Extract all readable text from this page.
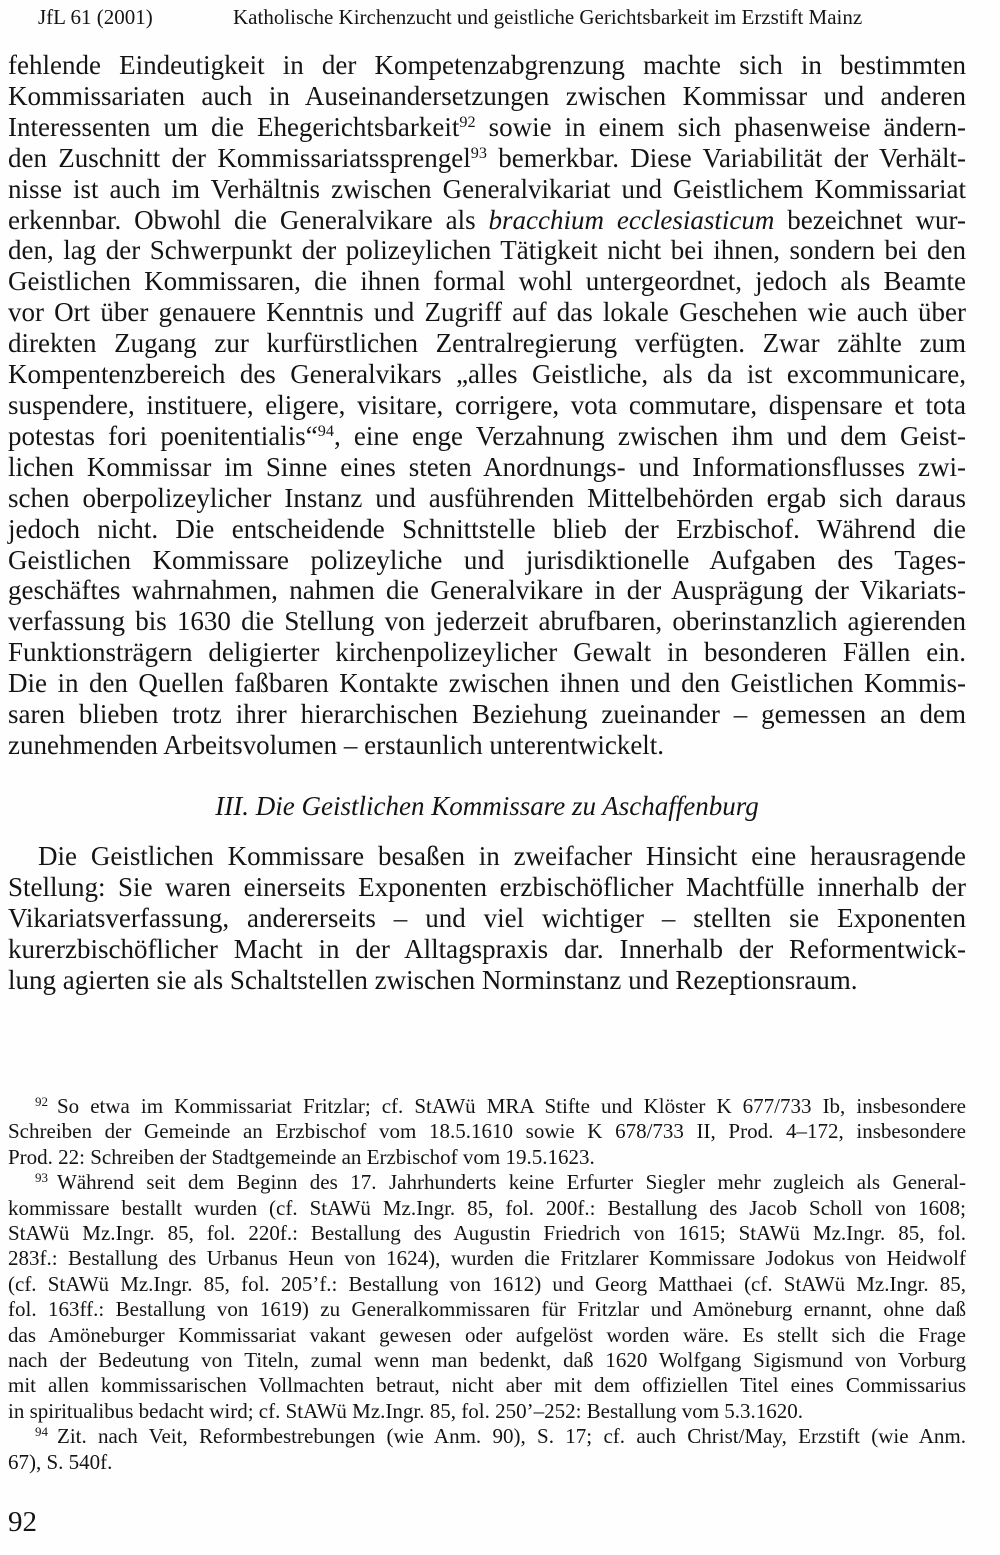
JfL 61 (2001)	Katholische Kirchenzucht und geistliche Gerichtsbarkeit im Erzstift Mainz
fehlende Eindeutigkeit in der Kompetenzabgrenzung machte sich in bestimmten
Kommissariaten auch in Auseinandersetzungen zwischen Kommissar und anderen
Interessenten um die Ehegerichtsbarkeit$^{92}$ sowie in einem sich phasenweise ändern-
den Zuschnitt der Kommissariatssprengel$^{93}$ bemerkbar. Diese Variabilität der Verhält-
nisse ist auch im Verhältnis zwischen Generalvikariat und Geistlichem Kommissariat
erkennbar. Obwohl die Generalvikare als bracchium ecclesiasticum bezeichnet wur-
den, lag der Schwerpunkt der polizeylichen Tätigkeit nicht bei ihnen, sondern bei den
Geistlichen Kommissaren, die ihnen formal wohl untergeordnet, jedoch als Beamte
vor Ort über genauere Kenntnis und Zugriff auf das lokale Geschehen wie auch über
direkten Zugang zur kurfürstlichen Zentralregierung verfügten. Zwar zählte zum
Kompentenzbereich des Generalvikars „alles Geistliche, als da ist excommunicare,
suspendere, instituere, eligere, visitare, corrigere, vota commutare, dispensare et tota
potestas fori poenitentialis“$^{94}$, eine enge Verzahnung zwischen ihm und dem Geist-
lichen Kommissar im Sinne eines steten Anordnungs- und Informationsflusses zwi-
schen oberpolizeylicher Instanz und ausführenden Mittelbehörden ergab sich daraus
jedoch nicht. Die entscheidende Schnittstelle blieb der Erzbischof. Während die
Geistlichen Kommissare polizeyliche und jurisdiktionelle Aufgaben des Tages-
geschäftes wahrnahmen, nahmen die Generalvikare in der Ausprägung der Vikariats-
verfassung bis 1630 die Stellung von jederzeit abrufbaren, oberinstanzlich agierenden
Funktionsträgern deligierter kirchenpolizeylicher Gewalt in besonderen Fällen ein.
Die in den Quellen faßbaren Kontakte zwischen ihnen und den Geistlichen Kommis-
saren blieben trotz ihrer hierarchischen Beziehung zueinander – gemessen an dem
zunehmenden Arbeitsvolumen – erstaunlich unterentwickelt.
III. Die Geistlichen Kommissare zu Aschaffenburg
Die Geistlichen Kommissare besaßen in zweifacher Hinsicht eine herausragende
Stellung: Sie waren einerseits Exponenten erzbischöflicher Machtfülle innerhalb der
Vikariatsverfassung, andererseits – und viel wichtiger – stellten sie Exponenten
kurerzbischöflicher Macht in der Alltagspraxis dar. Innerhalb der Reformentwick-
lung agierten sie als Schaltstellen zwischen Norminstanz und Rezeptionsraum.
$^{92}$ So etwa im Kommissariat Fritzlar; cf. StAWü MRA Stifte und Klöster K 677/733 Ib, insbesondere
Schreiben der Gemeinde an Erzbischof vom 18.5.1610 sowie K 678/733 II, Prod. 4–172, insbesondere
Prod. 22: Schreiben der Stadtgemeinde an Erzbischof vom 19.5.1623.
$^{93}$ Während seit dem Beginn des 17. Jahrhunderts keine Erfurter Siegler mehr zugleich als General-
kommissare bestallt wurden (cf. StAWü Mz.Ingr. 85, fol. 200f.: Bestallung des Jacob Scholl von 1608;
StAWü Mz.Ingr. 85, fol. 220f.: Bestallung des Augustin Friedrich von 1615; StAWü Mz.Ingr. 85, fol.
283f.: Bestallung des Urbanus Heun von 1624), wurden die Fritzlarer Kommissare Jodokus von Heidwolf
(cf. StAWü Mz.Ingr. 85, fol. 205’f.: Bestallung von 1612) und Georg Matthaei (cf. StAWü Mz.Ingr. 85,
fol. 163ff.: Bestallung von 1619) zu Generalkommissaren für Fritzlar und Amöneburg ernannt, ohne daß
das Amöneburger Kommissariat vakant gewesen oder aufgelöst worden wäre. Es stellt sich die Frage
nach der Bedeutung von Titeln, zumal wenn man bedenkt, daß 1620 Wolfgang Sigismund von Vorburg
mit allen kommissarischen Vollmachten betraut, nicht aber mit dem offiziellen Titel eines Commissarius
in spiritualibus bedacht wird; cf. StAWü Mz.Ingr. 85, fol. 250’–252: Bestallung vom 5.3.1620.
$^{94}$ Zit. nach Veit, Reformbestrebungen (wie Anm. 90), S. 17; cf. auch Christ/May, Erzstift (wie Anm.
67), S. 540f.
92
